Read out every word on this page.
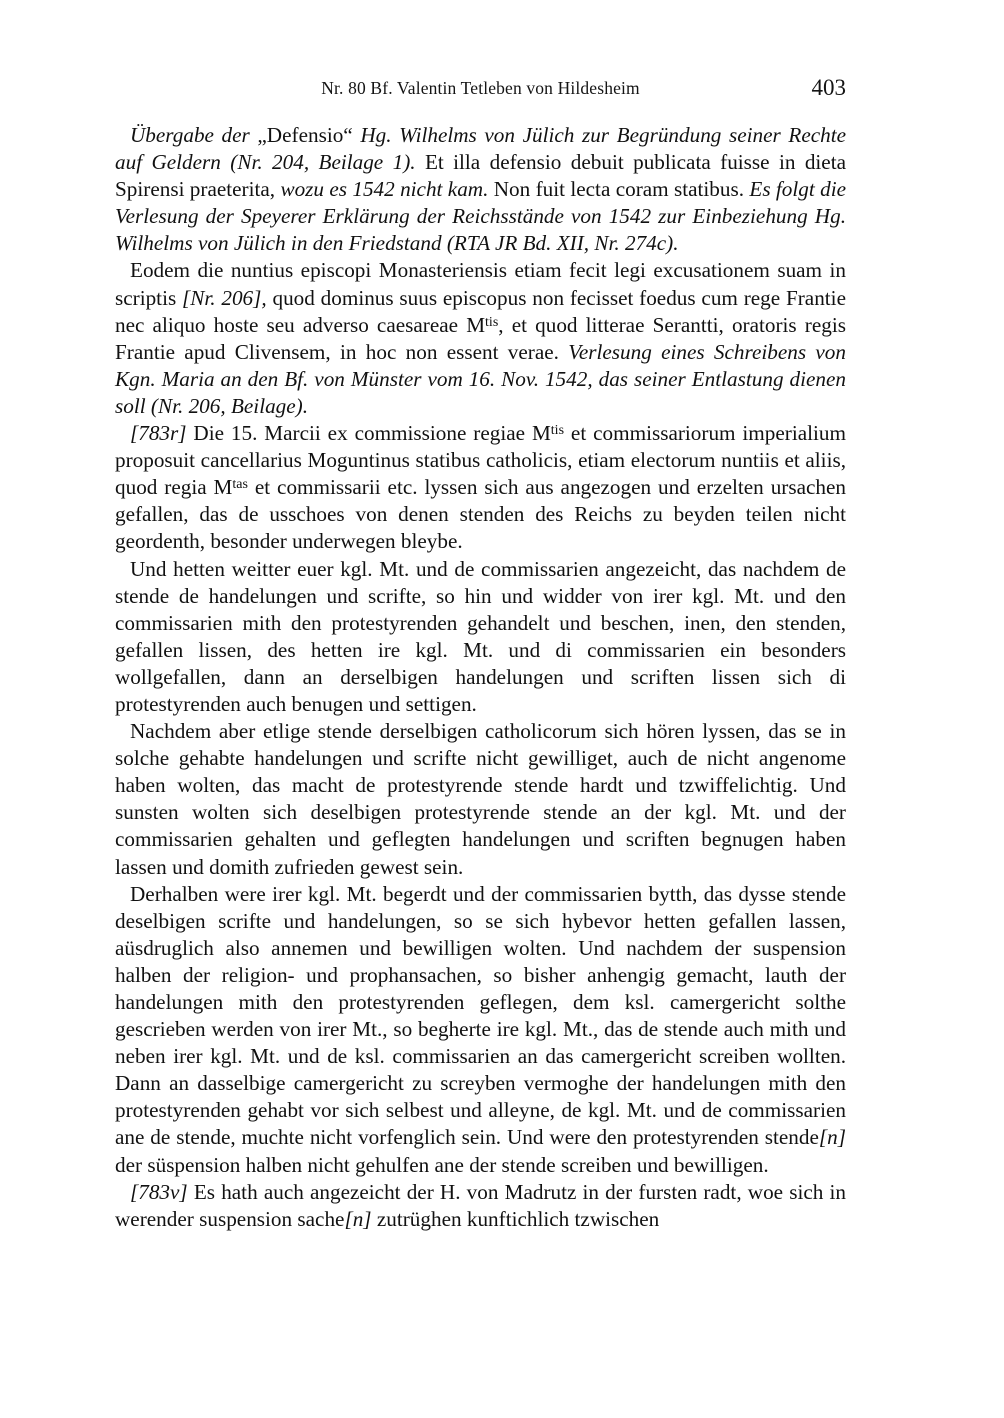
Nr. 80 Bf. Valentin Tetleben von Hildesheim	403

Übergabe der „Defensio“ Hg. Wilhelms von Jülich zur Begründung seiner Rechte auf Geldern (Nr. 204, Beilage 1). Et illa defensio debuit publicata fuisse in dieta Spirensi praeterita, wozu es 1542 nicht kam. Non fuit lecta coram statibus. Es folgt die Verlesung der Speyerer Erklärung der Reichsstände von 1542 zur Einbeziehung Hg. Wilhelms von Jülich in den Friedstand (RTA JR Bd. XII, Nr. 274c).

Eodem die nuntius episcopi Monasteriensis etiam fecit legi excusationem suam in scriptis [Nr. 206], quod dominus suus episcopus non fecisset foedus cum rege Frantie nec aliquo hoste seu adverso caesareae $M^{tis}$, et quod litterae Serantti, oratoris regis Frantie apud Clivensem, in hoc non essent verae. Verlesung eines Schreibens von Kgn. Maria an den Bf. von Münster vom 16. Nov. 1542, das seiner Entlastung dienen soll (Nr. 206, Beilage).

[783r] Die 15. Marcii ex commissione regiae $M^{tis}$ et commissariorum imperialium proposuit cancellarius Moguntinus statibus catholicis, etiam electorum nuntiis et aliis, quod regia $M^{tas}$ et commissarii etc. lyssen sich aus angezogen und erzelten ursachen gefallen, das de usschoes von denen stenden des Reichs zu beyden teilen nicht geordenth, besonder underwegen bleybe.

Und hetten weitter euer kgl. Mt. und de commissarien angezeicht, das nachdem de stende de handelungen und scrifte, so hin und widder von irer kgl. Mt. und den commissarien mith den protestyrenden gehandelt und beschen, inen, den stenden, gefallen lissen, des hetten ire kgl. Mt. und di commissarien ein besonders wollgefallen, dann an derselbigen handelungen und scriften lissen sich di protestyrenden auch benugen und settigen.

Nachdem aber etlige stende derselbigen catholicorum sich hören lyssen, das se in solche gehabte handelungen und scrifte nicht gewilliget, auch de nicht angenome haben wolten, das macht de protestyrende stende hardt und tzwiffelichtig. Und sunsten wolten sich deselbigen protestyrende stende an der kgl. Mt. und der commissarien gehalten und geflegten handelungen und scriften begnugen haben lassen und domith zufrieden gewest sein.

Derhalben were irer kgl. Mt. begerdt und der commissarien bytth, das dysse stende deselbigen scrifte und handelungen, so se sich hybevor hetten gefallen lassen, aüsdruglich also annemen und bewilligen wolten. Und nachdem der suspension halben der religion- und prophansachen, so bisher anhengig gemacht, lauth der handelungen mith den protestyrenden geflegen, dem ksl. camergericht solthe gescrieben werden von irer Mt., so begherte ire kgl. Mt., das de stende auch mith und neben irer kgl. Mt. und de ksl. commissarien an das camergericht screiben wollten. Dann an dasselbige camergericht zu screyben vermoghe der handelungen mith den protestyrenden gehabt vor sich selbest und alleyne, de kgl. Mt. und de commissarien ane de stende, muchte nicht vorfenglich sein. Und were den protestyrenden stende[n] der süspension halben nicht gehulfen ane der stende screiben und bewilligen.

[783v] Es hath auch angezeicht der H. von Madrutz in der fursten radt, woe sich in werender suspension sache[n] zutrüghen kunftichlich tzwischen
